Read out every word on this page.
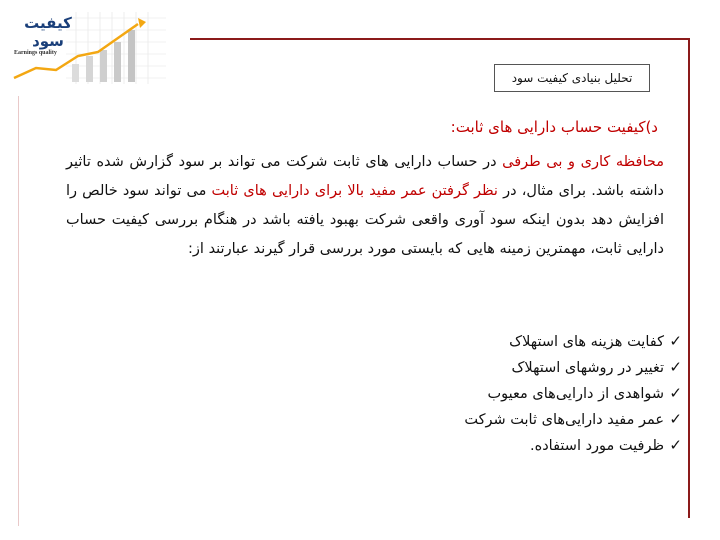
کیفیت سود
Earnings quality
تحلیل بنیادی کیفیت سود
د)کیفیت حساب دارایی های ثابت:
محافظه کاری و بی طرفی در حساب دارایی های ثابت شرکت می تواند بر سود گزارش شده تاثیر داشته باشد. برای مثال، در نظر گرفتن عمر مفید بالا برای دارایی های ثابت می تواند سود خالص را افزایش دهد بدون اینکه سود آوری واقعی شرکت بهبود یافته باشد در هنگام بررسی کیفیت حساب دارایی ثابت، مهمترین زمینه هایی که بایستی مورد بررسی قرار گیرند عبارتند از:
✓کفایت هزینه های استهلاک
✓تغییر در روشهای استهلاک
✓شواهدی از دارایی‌های معیوب
✓عمر مفید دارایی‌های ثابت شرکت
✓ظرفیت مورد استفاده.
